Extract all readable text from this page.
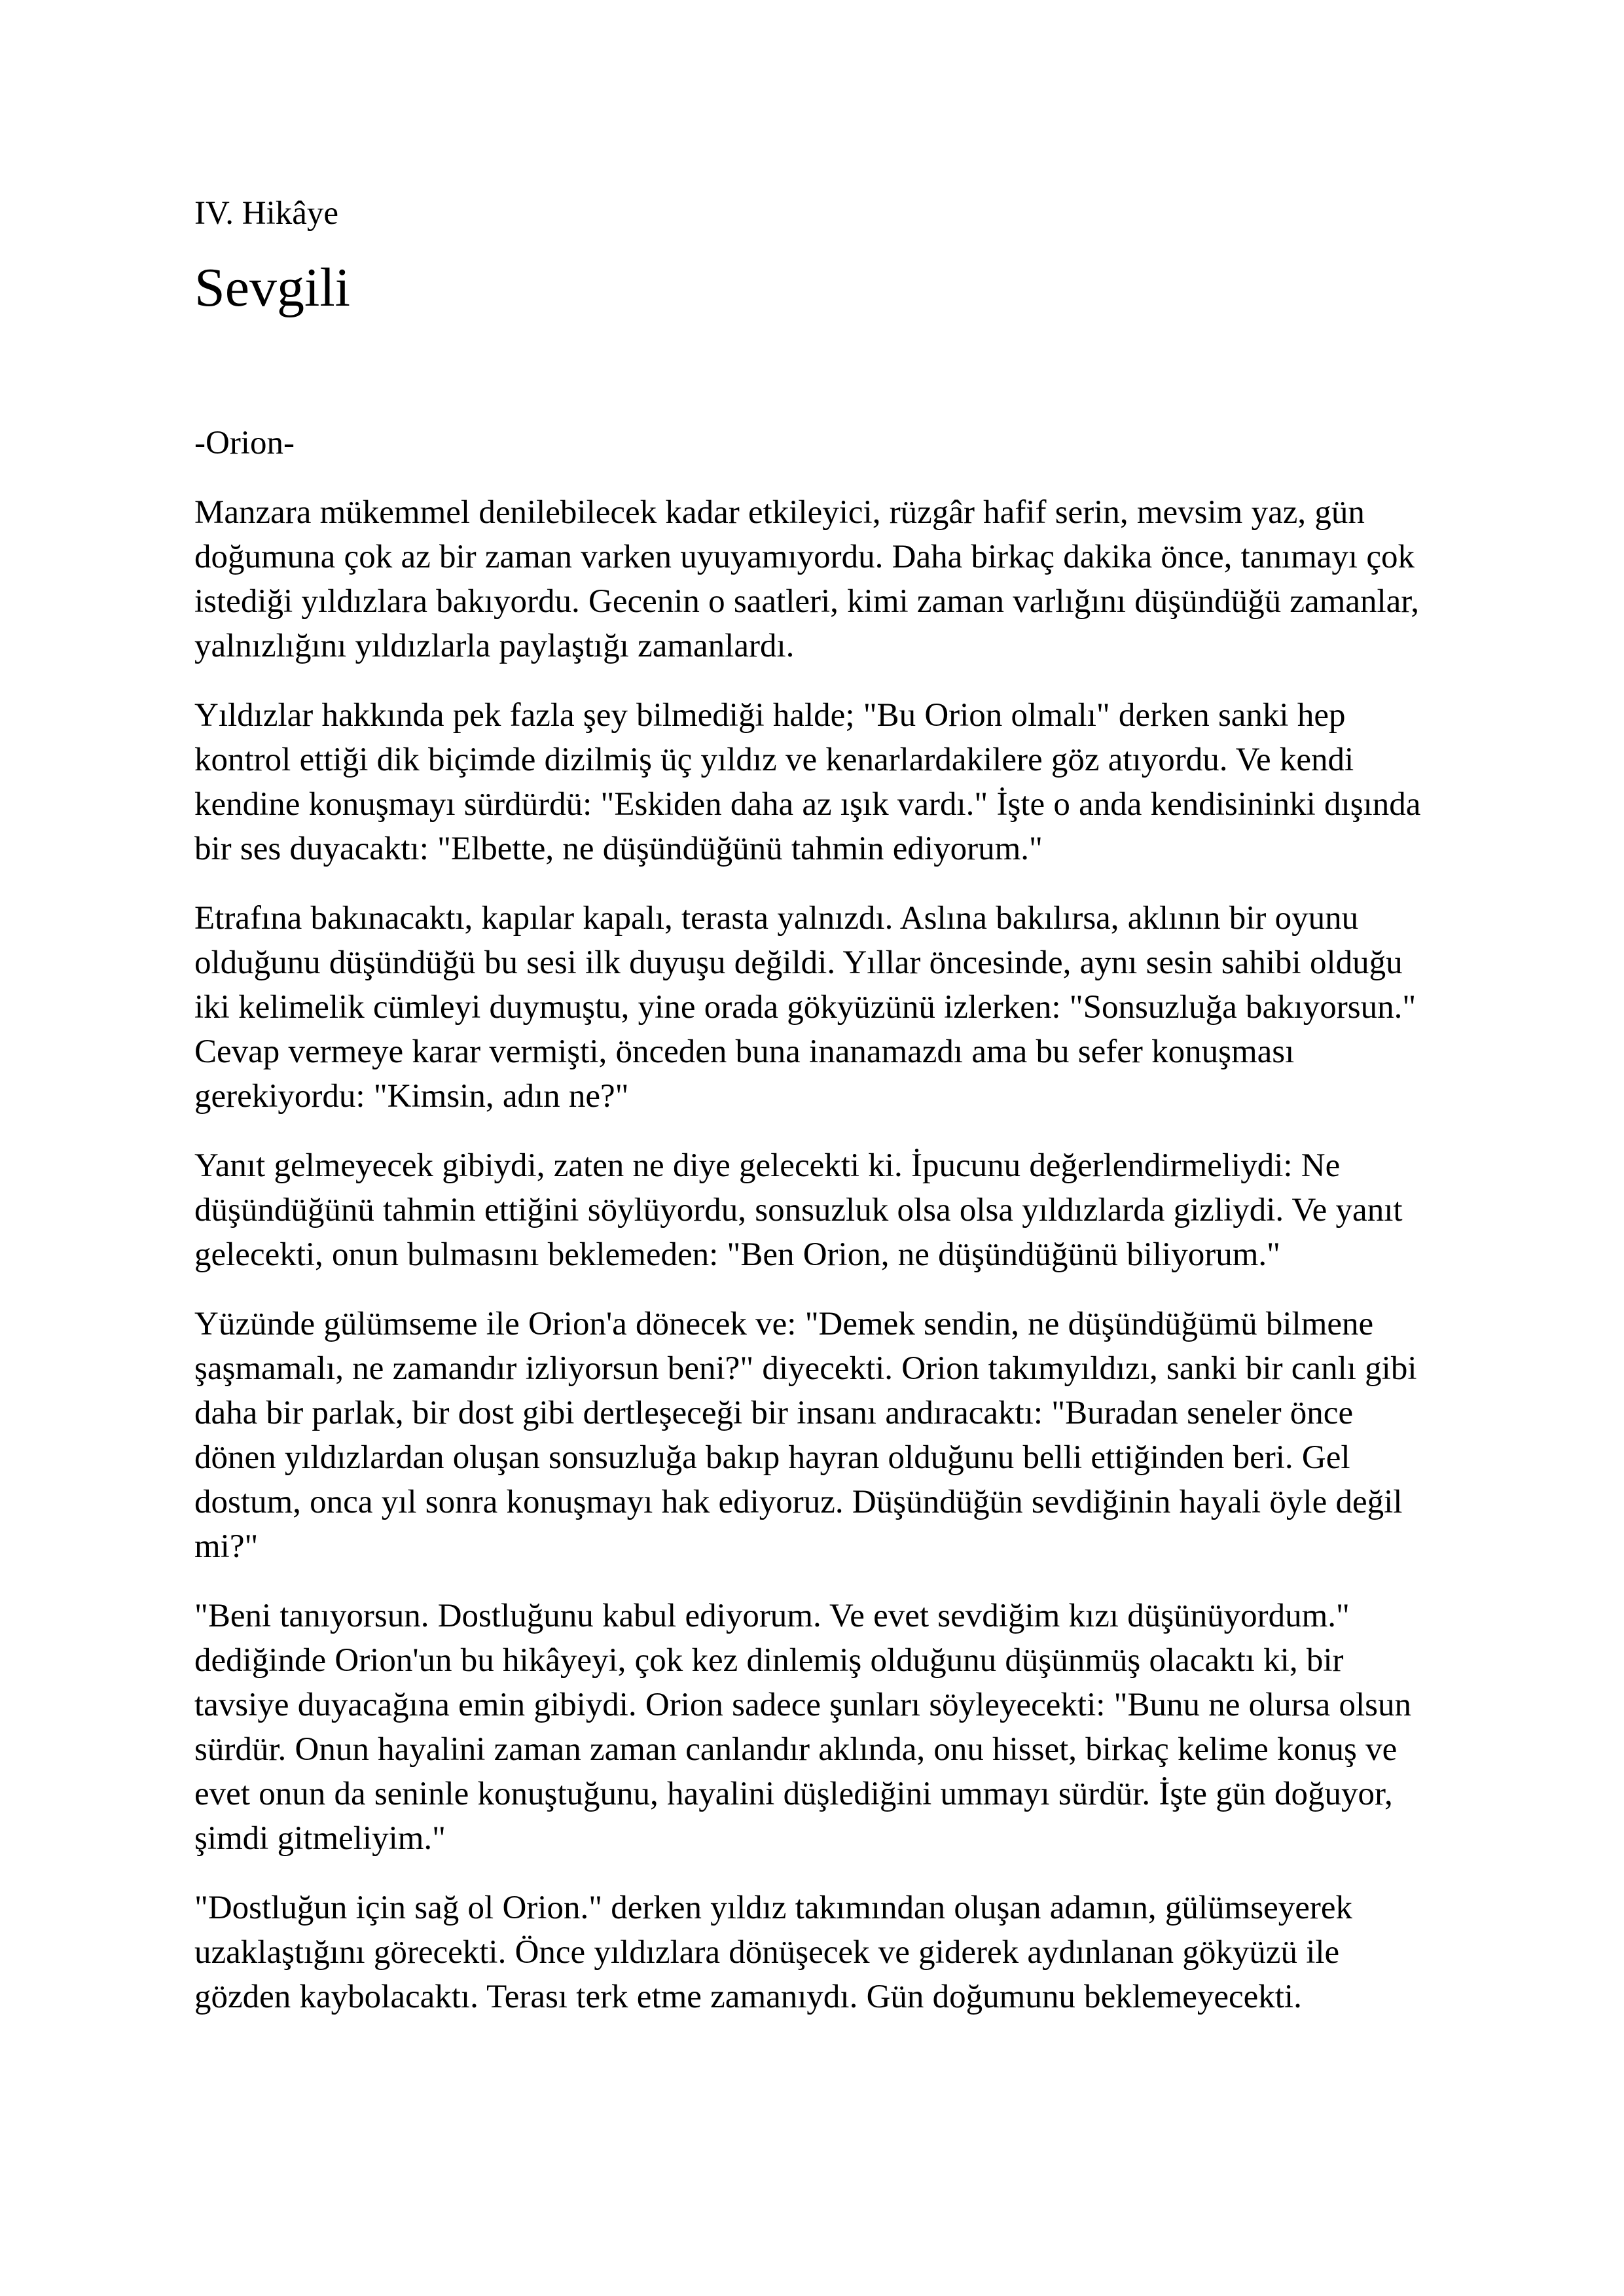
IV. Hikâye

Sevgili

-Orion-

Manzara mükemmel denilebilecek kadar etkileyici, rüzgâr hafif serin, mevsim yaz, gün doğumuna çok az bir zaman varken uyuyamıyordu. Daha birkaç dakika önce, tanımayı çok istediği yıldızlara bakıyordu. Gecenin o saatleri, kimi zaman varlığını düşündüğü zamanlar, yalnızlığını yıldızlarla paylaştığı zamanlardı.

Yıldızlar hakkında pek fazla şey bilmediği halde; "Bu Orion olmalı" derken sanki hep kontrol ettiği dik biçimde dizilmiş üç yıldız ve kenarlardakilere göz atıyordu. Ve kendi kendine konuşmayı sürdürdü: "Eskiden daha az ışık vardı." İşte o anda kendisininki dışında bir ses duyacaktı: "Elbette, ne düşündüğünü tahmin ediyorum."

Etrafına bakınacaktı, kapılar kapalı, terasta yalnızdı. Aslına bakılırsa, aklının bir oyunu olduğunu düşündüğü bu sesi ilk duyuşu değildi. Yıllar öncesinde, aynı sesin sahibi olduğu iki kelimelik cümleyi duymuştu, yine orada gökyüzünü izlerken: "Sonsuzluğa bakıyorsun." Cevap vermeye karar vermişti, önceden buna inanamazdı ama bu sefer konuşması gerekiyordu: "Kimsin, adın ne?"

Yanıt gelmeyecek gibiydi, zaten ne diye gelecekti ki. İpucunu değerlendirmeliydi: Ne düşündüğünü tahmin ettiğini söylüyordu, sonsuzluk olsa olsa yıldızlarda gizliydi. Ve yanıt gelecekti, onun bulmasını beklemeden: "Ben Orion, ne düşündüğünü biliyorum."

Yüzünde gülümseme ile Orion'a dönecek ve: "Demek sendin, ne düşündüğümü bilmene şaşmamalı, ne zamandır izliyorsun beni?" diyecekti. Orion takımyıldızı, sanki bir canlı gibi daha bir parlak, bir dost gibi dertleşeceği bir insanı andıracaktı: "Buradan seneler önce dönen yıldızlardan oluşan sonsuzluğa bakıp hayran olduğunu belli ettiğinden beri. Gel dostum, onca yıl sonra konuşmayı hak ediyoruz. Düşündüğün sevdiğinin hayali öyle değil mi?"

"Beni tanıyorsun. Dostluğunu kabul ediyorum. Ve evet sevdiğim kızı düşünüyordum." dediğinde Orion'un bu hikâyeyi, çok kez dinlemiş olduğunu düşünmüş olacaktı ki, bir tavsiye duyacağına emin gibiydi. Orion sadece şunları söyleyecekti: "Bunu ne olursa olsun sürdür. Onun hayalini zaman zaman canlandır aklında, onu hisset, birkaç kelime konuş ve evet onun da seninle konuştuğunu, hayalini düşlediğini ummayı sürdür. İşte gün doğuyor, şimdi gitmeliyim."

"Dostluğun için sağ ol Orion." derken yıldız takımından oluşan adamın, gülümseyerek uzaklaştığını görecekti. Önce yıldızlara dönüşecek ve giderek aydınlanan gökyüzü ile gözden kaybolacaktı. Terası terk etme zamanıydı. Gün doğumunu beklemeyecekti.
